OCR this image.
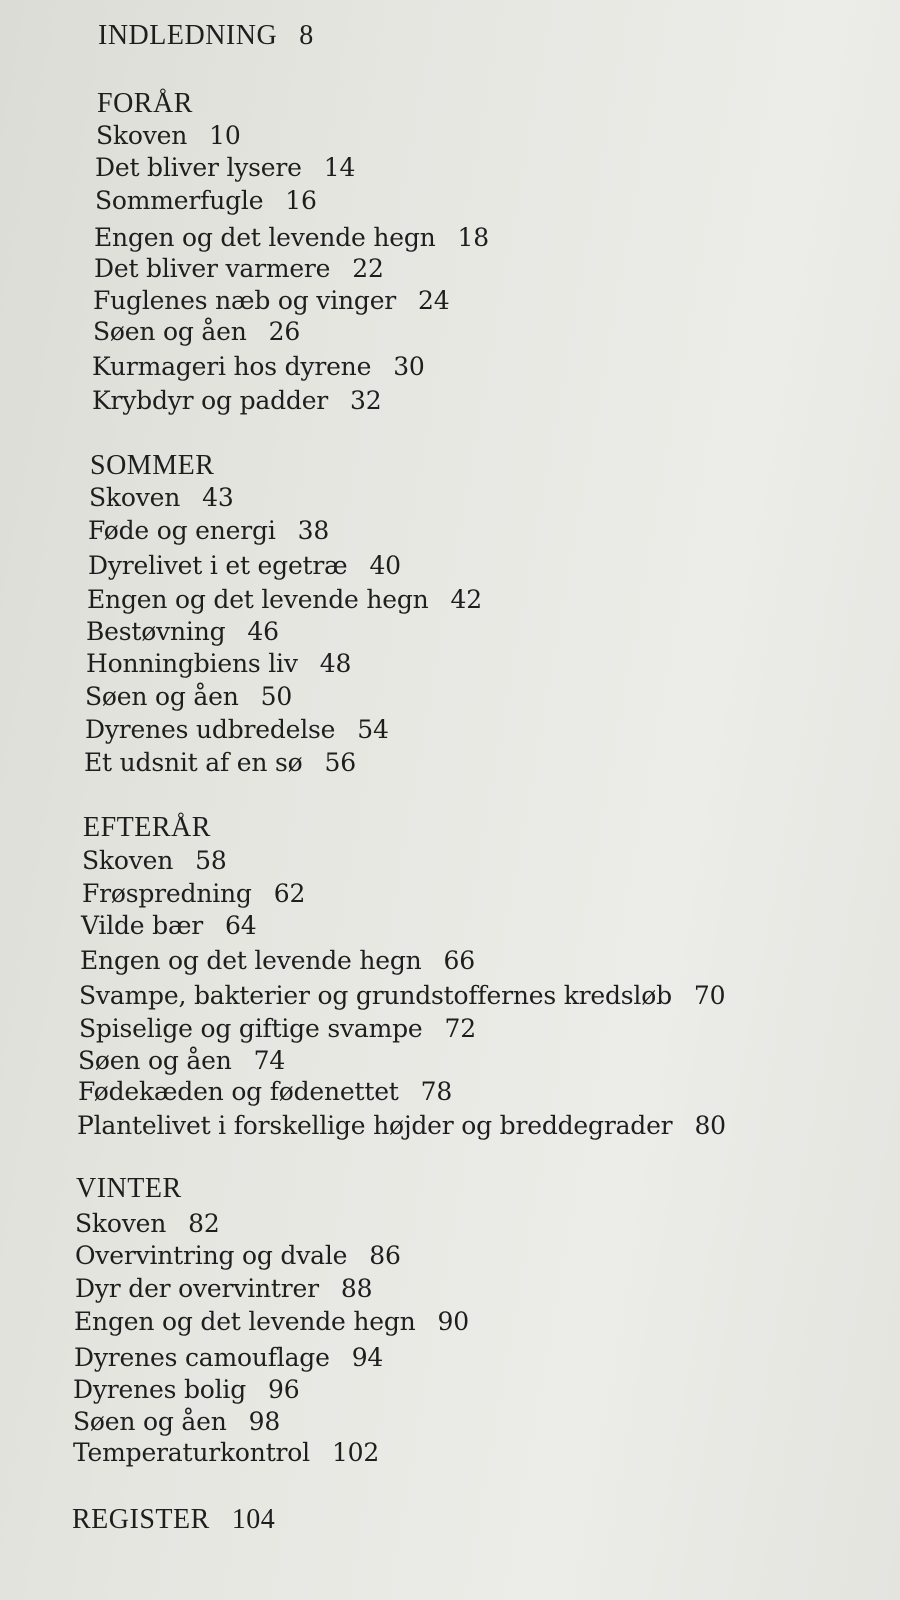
INDLEDNING 8
FORÅR
Skoven 10
Det bliver lysere 14
Sommerfugle 16
Engen og det levende hegn 18
Det bliver varmere 22
Fuglenes næb og vinger 24
Søen og åen 26
Kurmageri hos dyrene 30
Krybdyr og padder 32
SOMMER
Skoven 43
Føde og energi 38
Dyrelivet i et egetræ 40
Engen og det levende hegn 42
Bestøvning 46
Honningbiens liv 48
Søen og åen 50
Dyrenes udbredelse 54
Et udsnit af en sø 56
EFTERÅR
Skoven 58
Frøspredning 62
Vilde bær 64
Engen og det levende hegn 66
Svampe, bakterier og grundstoffernes kredsløb 70
Spiselige og giftige svampe 72
Søen og åen 74
Fødekæden og fødenettet 78
Plantelivet i forskellige højder og breddegrader 80
VINTER
Skoven 82
Overvintring og dvale 86
Dyr der overvintrer 88
Engen og det levende hegn 90
Dyrenes camouflage 94
Dyrenes bolig 96
Søen og åen 98
Temperaturkontrol 102
REGISTER 104
